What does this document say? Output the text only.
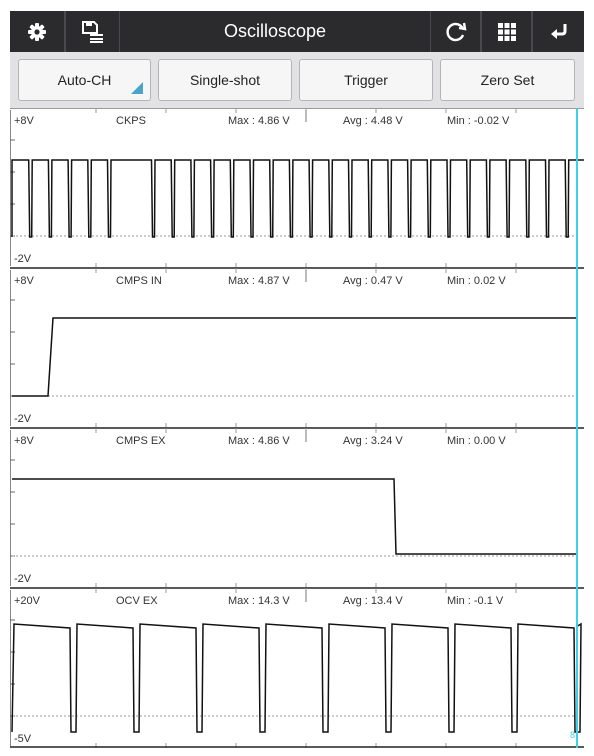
Oscilloscope
Auto-CH	Single-shot	Trigger	Zero Set
+8V
-2V
CKPS	Max : 4.86 V	Avg : 4.48 V	Min : -0.02 V
+8V
-2V
CMPS IN	Max : 4.87 V	Avg : 0.47 V	Min : 0.02 V
+8V
-2V
CMPS EX	Max : 4.86 V	Avg : 3.24 V	Min : 0.00 V
+20V
-5V
OCV EX	Max : 14.3 V	Avg : 13.4 V	Min : -0.1 V
8
